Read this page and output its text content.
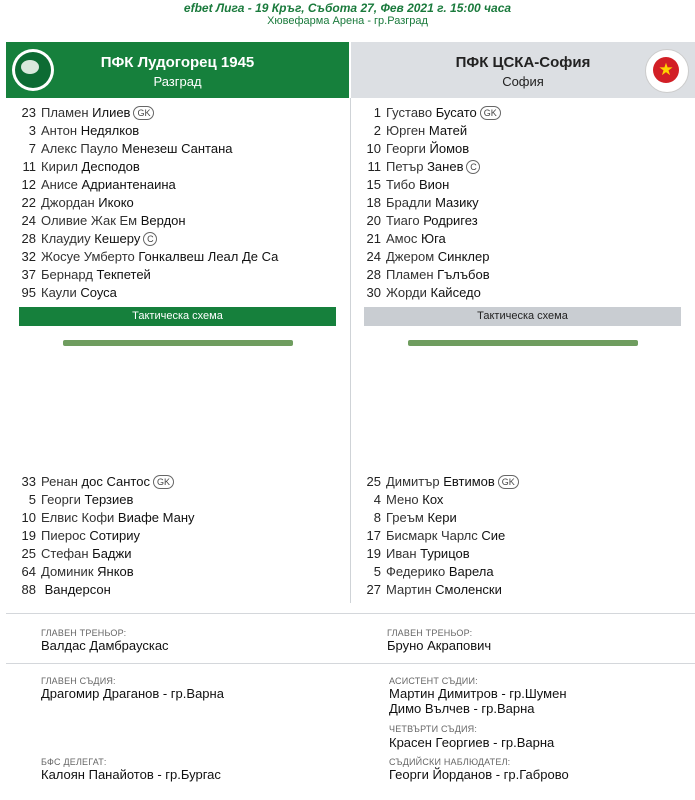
efbet Лига - 19 Кръг, Събота 27, Фев 2021 г. 15:00 часа
Хювефарма Арена - гр.Разград
ПФК Лудогорец 1945
Разград
ПФК ЦСКА-София
София
★
23 Пламен Илиев GK
3 Антон Недялков
7 Алекс Пауло Менезеш Сантана
11 Кирил Десподов
12 Анисе Адриантенаина
22 Джордан Икоко
24 Оливие Жак Ем Вердон
28 Клаудиу Кешеру C
32 Жосуе Умберто Гонкалвеш Леал Де Са
37 Бернард Текпетей
95 Каули Соуса
1 Густаво Бусато GK
2 Юрген Матей
10 Георги Йомов
11 Петър Занев C
15 Тибо Вион
18 Брадли Мазику
20 Тиаго Родригез
21 Амос Юга
24 Джером Синклер
28 Пламен Гълъбов
30 Жорди Кайседо
Тактическа схема	Тактическа схема
33 Ренан дос Сантос GK
5 Георги Терзиев
10 Елвис Кофи Виафе Ману
19 Пиерос Сотириу
25 Стефан Баджи
64 Доминик Янков
88 Вандерсон
25 Димитър Евтимов GK
4 Мено Кох
8 Греъм Кери
17 Бисмарк Чарлс Сие
19 Иван Турицов
5 Федерико Варела
27 Мартин Смоленски
ГЛАВЕН ТРЕНЬОР:
Валдас Дамбраускас
ГЛАВЕН ТРЕНЬОР:
Бруно Акрапович
ГЛАВЕН СЪДИЯ:
Драгомир Драганов - гр.Варна
АСИСТЕНТ СЪДИИ:
Мартин Димитров - гр.Шумен
Димо Вълчев - гр.Варна
ЧЕТВЪРТИ СЪДИЯ:
Красен Георгиев - гр.Варна
БФС ДЕЛЕГАТ:
Калоян Панайотов - гр.Бургас
СЪДИЙСКИ НАБЛЮДАТЕЛ:
Георги Йорданов - гр.Габрово
